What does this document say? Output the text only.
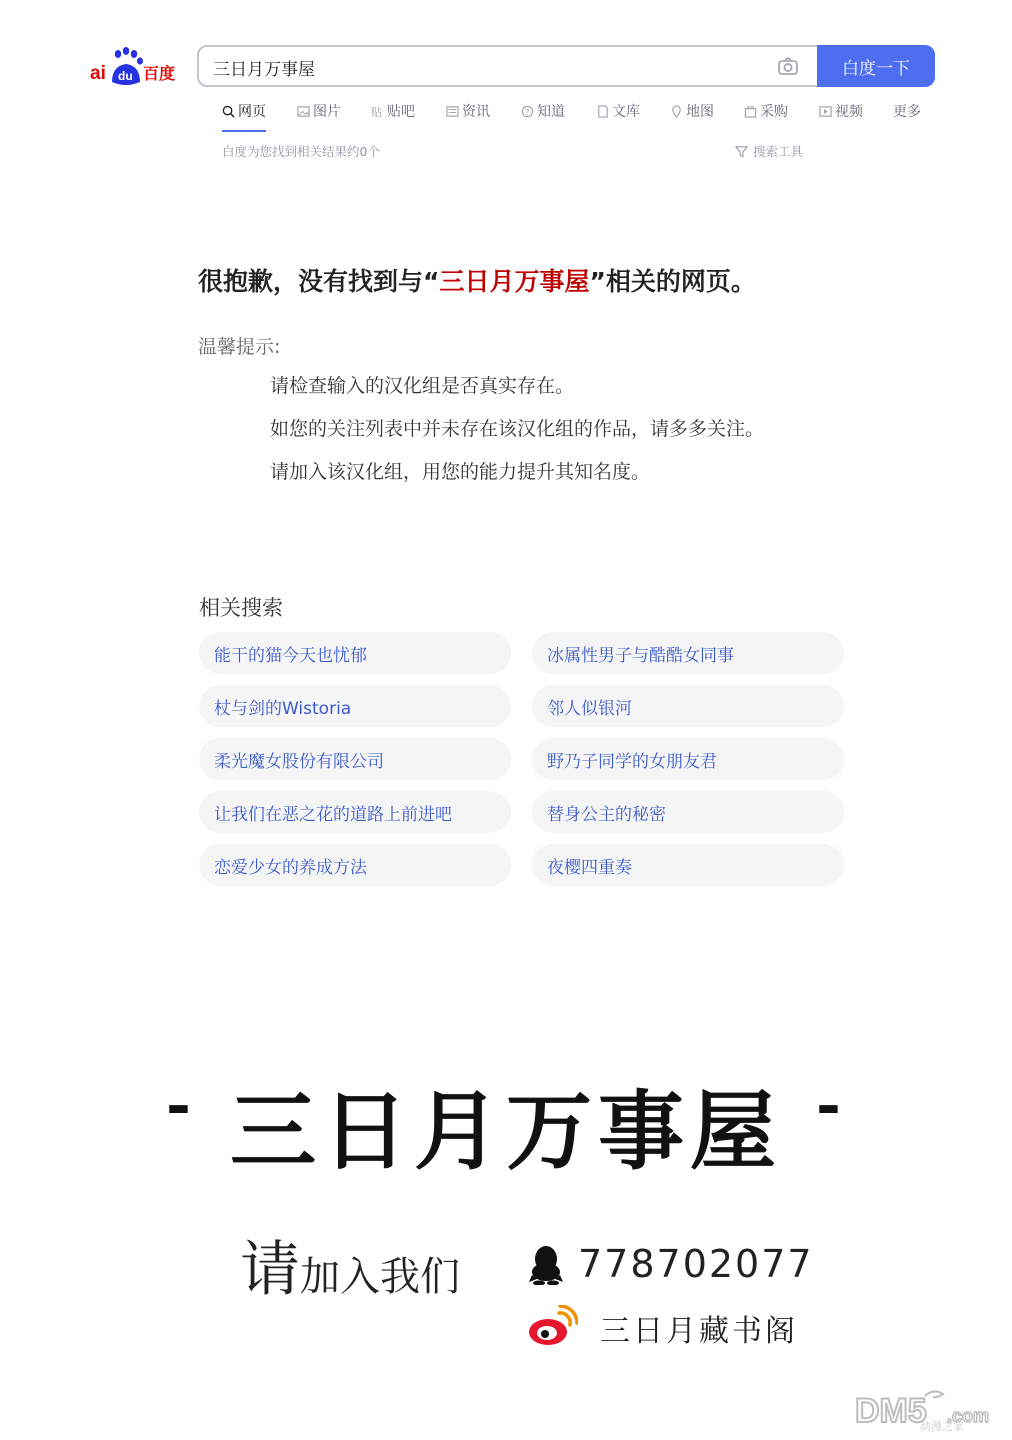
du
ai 百度
三日月万事屋	白度一下
网页	图片	贴 贴吧	资讯	? 知道	文库	地图	采购	视频 更多
白度为您找到相关结果约0个	搜索工具
很抱歉，没有找到与“三日月万事屋”相关的网页。
温馨提示:
请检查输入的汉化组是否真实存在。
如您的关注列表中并未存在该汉化组的作品，请多多关注。
请加入该汉化组，用您的能力提升其知名度。
相关搜索
能干的猫今天也忧郁	冰属性男子与酷酷女同事
杖与剑的Wistoria	邻人似银河
柔光魔女股份有限公司	野乃子同学的女朋友君
让我们在恶之花的道路上前进吧	替身公主的秘密
恋爱少女的养成方法	夜樱四重奏
- 三日月万事屋 -
请加入我们	778702077
三日月藏书阁
DM5 .com
动漫之家
